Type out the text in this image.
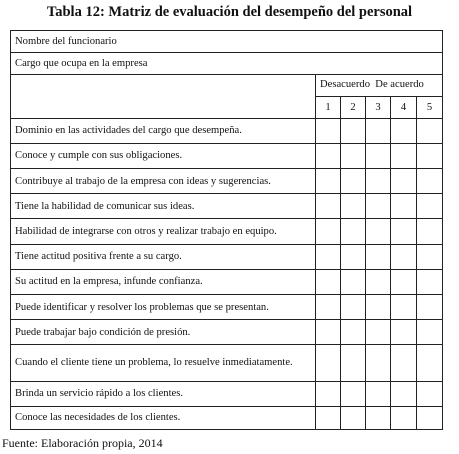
Tabla 12: Matriz de evaluación del desempeño del personal
Nombre del funcionario					
Cargo que ocupa en la empresa					
	Desacuerdo De acuerdo				
	1	2	3	4	5
Dominio en las actividades del cargo que desempeña.					
Conoce y cumple con sus obligaciones.					
Contribuye al trabajo de la empresa con ideas y sugerencias.					
Tiene la habilidad de comunicar sus ideas.					
Habilidad de integrarse con otros y realizar trabajo en equipo.					
Tiene actitud positiva frente a su cargo.					
Su actitud en la empresa, infunde confianza.					
Puede identificar y resolver los problemas que se presentan.					
Puede trabajar bajo condición de presión.					
Cuando el cliente tiene un problema, lo resuelve inmediatamente.					
Brinda un servicio rápido a los clientes.					
Conoce las necesidades de los clientes.					
Fuente: Elaboración propia, 2014
